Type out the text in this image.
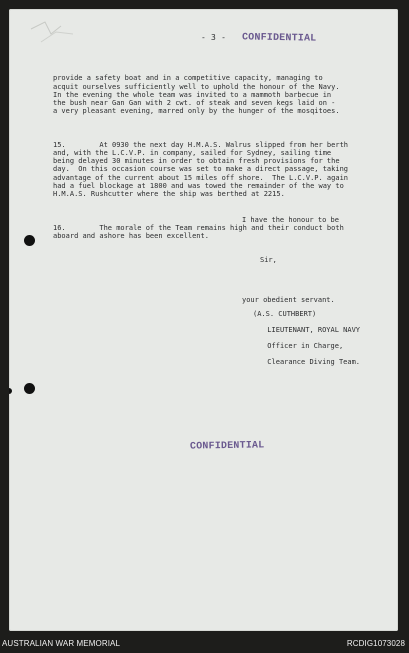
- 3 - CONFIDENTIAL

provide a safety boat and in a competitive capacity, managing to
acquit ourselves sufficiently well to uphold the honour of the Navy.
In the evening the whole team was invited to a mammoth barbecue in
the bush near Gan Gan with 2 cwt. of steak and seven kegs laid on -
a very pleasant evening, marred only by the hunger of the mosqitoes.

15.        At 0930 the next day H.M.A.S. Walrus slipped from her berth
and, with the L.C.V.P. in company, sailed for Sydney, sailing time
being delayed 30 minutes in order to obtain fresh provisions for the
day.  On this occasion course was set to make a direct passage, taking
advantage of the current about 15 miles off shore.  The L.C.V.P. again
had a fuel blockage at 1800 and was towed the remainder of the way to
H.M.A.S. Rushcutter where the ship was berthed at 2215.

16.        The morale of the Team remains high and their conduct both
aboard and ashore has been excellent.

I have the honour to be

Sir,

your obedient servant.

(A.S. CUTHBERT)

LIEUTENANT, ROYAL NAVY

Officer in Charge,

Clearance Diving Team.

CONFIDENTIAL
AUSTRALIAN WAR MEMORIAL	RCDIG1073028
